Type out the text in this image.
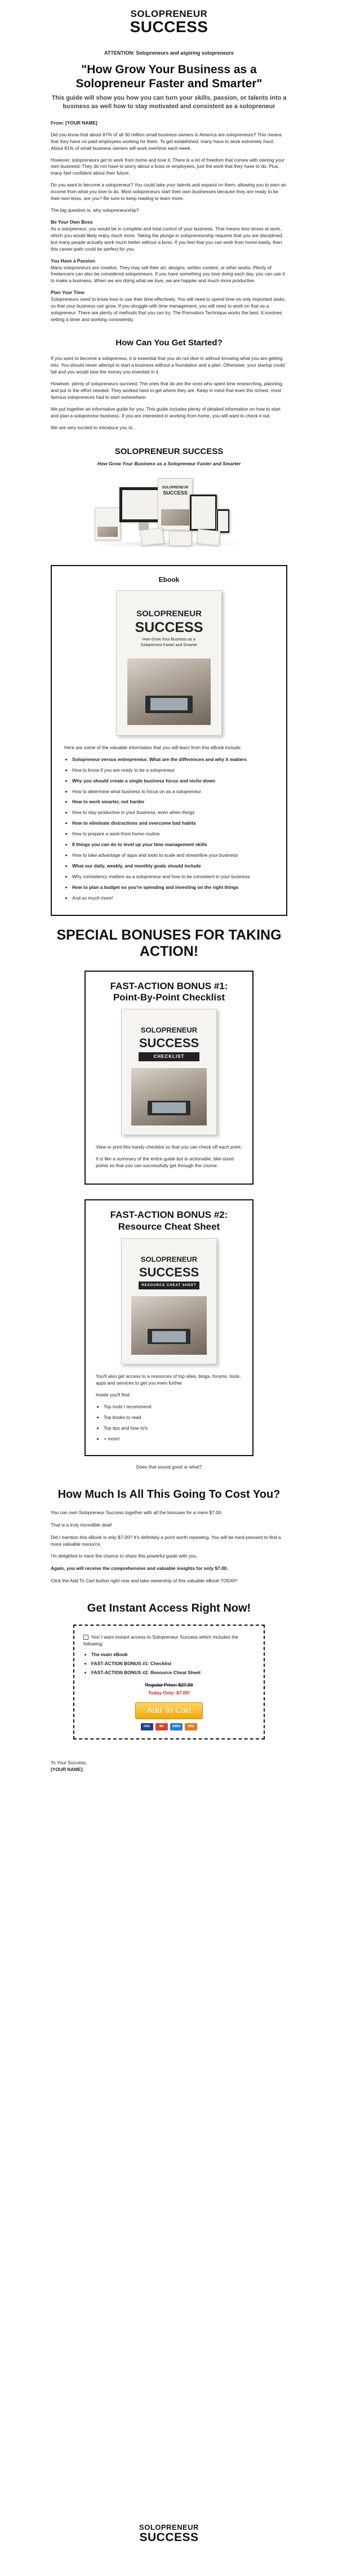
SOLOPRENEUR
SUCCESS
ATTENTION: Solopreneurs and aspiring solopreneurs
"How Grow Your Business as a Solopreneur Faster and Smarter"
This guide will show you how you can turn your skills, passion, or talents into a business as well how to stay motivated and consistent as a solopreneur

From: [YOUR NAME]

Did you know that about 87% of all 30 million small business owners in America are solopreneurs? This means that they have no paid employees working for them. To get established, many have to work extremely hard. About 81% of small business owners will work overtime each week.

However, solopreneurs get to work from home and love it. There is a lot of freedom that comes with owning your own business! They do not have to worry about a boss or employees, just the work that they have to do. Plus, many feel confident about their future.

Do you want to become a solopreneur? You could take your talents and expand on them, allowing you to earn an income from what you love to do. Most solopreneurs start their own businesses because they are ready to be their own boss, are you? Be sure to keep reading to learn more.

The big question is, why solopreneurship?

Be Your Own Boss

As a solopreneur, you would be in complete and total control of your business. That means less stress at work, which you would likely enjoy much more. Taking the plunge in solopreneurship requires that you are disciplined, but many people actually work much better without a boss. If you feel that you can work from home easily, then this career path could be perfect for you.

You Have a Passion

Many solopreneurs are creative. They may sell their art, designs, written content, or other works. Plenty of freelancers can also be considered solopreneurs. If you have something you love doing each day, you can use it to make a business. When we are doing what we love, we are happier and much more productive.

Plan Your Time

Solopreneurs need to know how to use their time effectively. You will need to spend time on only important tasks, so that your business can grow. If you struggle with time management, you will need to work on that as a solopreneur. There are plenty of methods that you can try. The Pomodoro Technique works the best. It involves setting a timer and working consistently.

How Can You Get Started?

If you want to become a solopreneur, it is essential that you do not dive in without knowing what you are getting into. You should never attempt to start a business without a foundation and a plan. Otherwise, your startup could fail and you would lose the money you invested in it.

However, plenty of solopreneurs succeed. The ones that do are the ones who spent time researching, planning, and put in the effort needed. They worked hard to get where they are. Keep in mind that even the richest, most famous solopreneurs had to start somewhere.

We put together an informative guide for you. This guide includes plenty of detailed information on how to start and plan a solopreneur business. If you are interested in working from home, you will want to check it out.

We are very excited to introduce you to...

SOLOPRENEUR SUCCESS
How Grow Your Business as a Solopreneur Faster and Smarter
SOLOPRENEUR
SUCCESS
Ebook
SOLOPRENEUR
SUCCESS
How Grow Your Business as a Solopreneur Faster and Smarter

Here are some of the valuable information that you will learn from this eBook include:

• Solopreneur versus entrepreneur. What are the differences and why it matters
• How to know if you are ready to be a solopreneur
• Why you should create a single business focus and niche down
• How to determine what business to focus on as a solopreneur
• How to work smarter, not harder
• How to stay productive in your business, even when things
• How to eliminate distractions and overcome bad habits
• How to prepare a work-from-home routine
• 8 things you can do to level up your time management skills
• How to take advantage of apps and tools to scale and streamline your business
• What our daily, weekly, and monthly goals should include
• Why consistency matters as a solopreneur and how to be consistent in your business
• How to plan a budget so you're spending and investing on the right things
• And so much more!
SPECIAL BONUSES FOR TAKING ACTION!
FAST-ACTION BONUS #1: Point-By-Point Checklist
SOLOPRENEUR
SUCCESS
CHECKLIST

View or print this handy checklist so that you can check off each point.

It is like a summary of the entire guide but in actionable, bite-sized points so that you can successfully get through the course.

FAST-ACTION BONUS #2: Resource Cheat Sheet
SOLOPRENEUR
SUCCESS
RESOURCE CHEAT SHEET

You'll also get access to a resources of top sites, blogs, forums, tools, apps and services to get you even further

Inside you'll find:

• Top tools I recommend
• Top books to read
• Top tips and how to's
• + more!

Does that sound good or what?

How Much Is All This Going To Cost You?

You can own Solopreneur Success together with all the bonuses for a mere $7.00.

That is a truly incredible deal!

Did I mention this eBook is only $7.00? It's definitely a point worth repeating. You will be hard-pressed to find a more valuable resource.

I'm delighted to have the chance to share this powerful guide with you.

Again, you will receive the comprehensive and valuable insights for only $7.00.

Click the Add To Cart button right now and take ownership of this valuable eBook TODAY!

Get Instant Access Right Now!
Yes! I want instant access to Solopreneur Success which includes the following:
• The main eBook
• FAST-ACTION BONUS #1: Checklist
• FAST-ACTION BONUS #2: Resource Cheat Sheet
Regular Price: $27.00
Today Only: $7.00!
Add To Cart
VISA	MC	AMEX	DISC
To Your Success,
[YOUR NAME]
SOLOPRENEUR
SUCCESS
